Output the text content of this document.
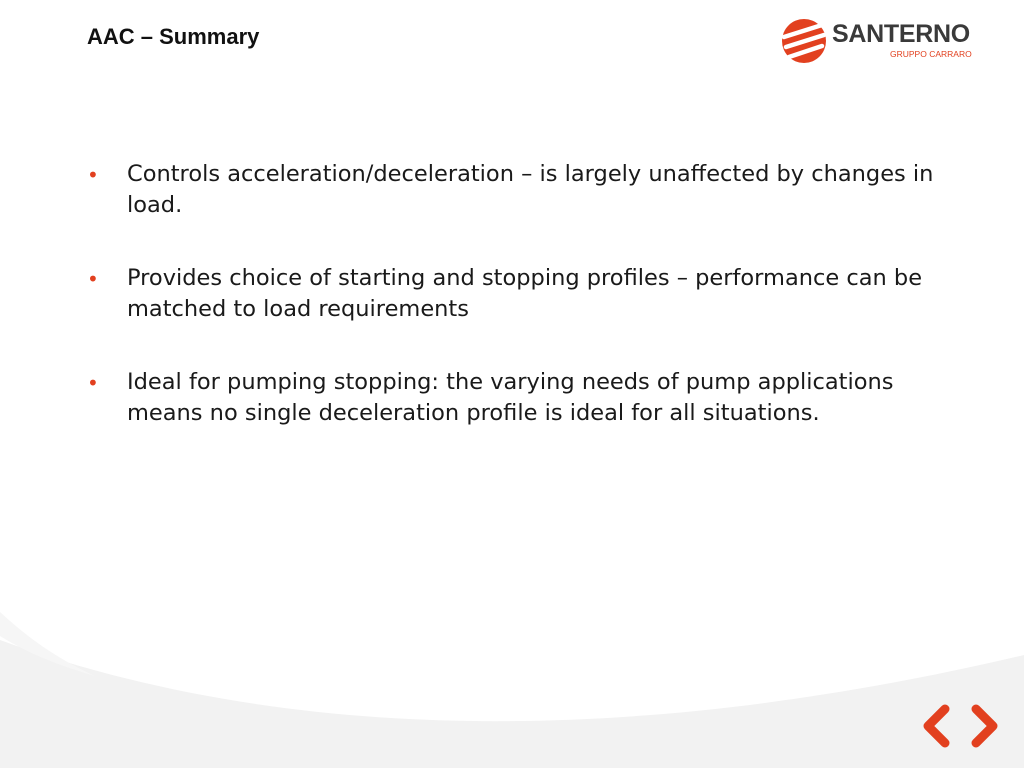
AAC – Summary	SANTERNO
GRUPPO CARRARO
• Controls acceleration/deceleration – is largely unaffected by changes in load.
• Provides choice of starting and stopping profiles – performance can be matched to load requirements
• Ideal for pumping stopping: the varying needs of pump applications means no single deceleration profile is ideal for all situations.
